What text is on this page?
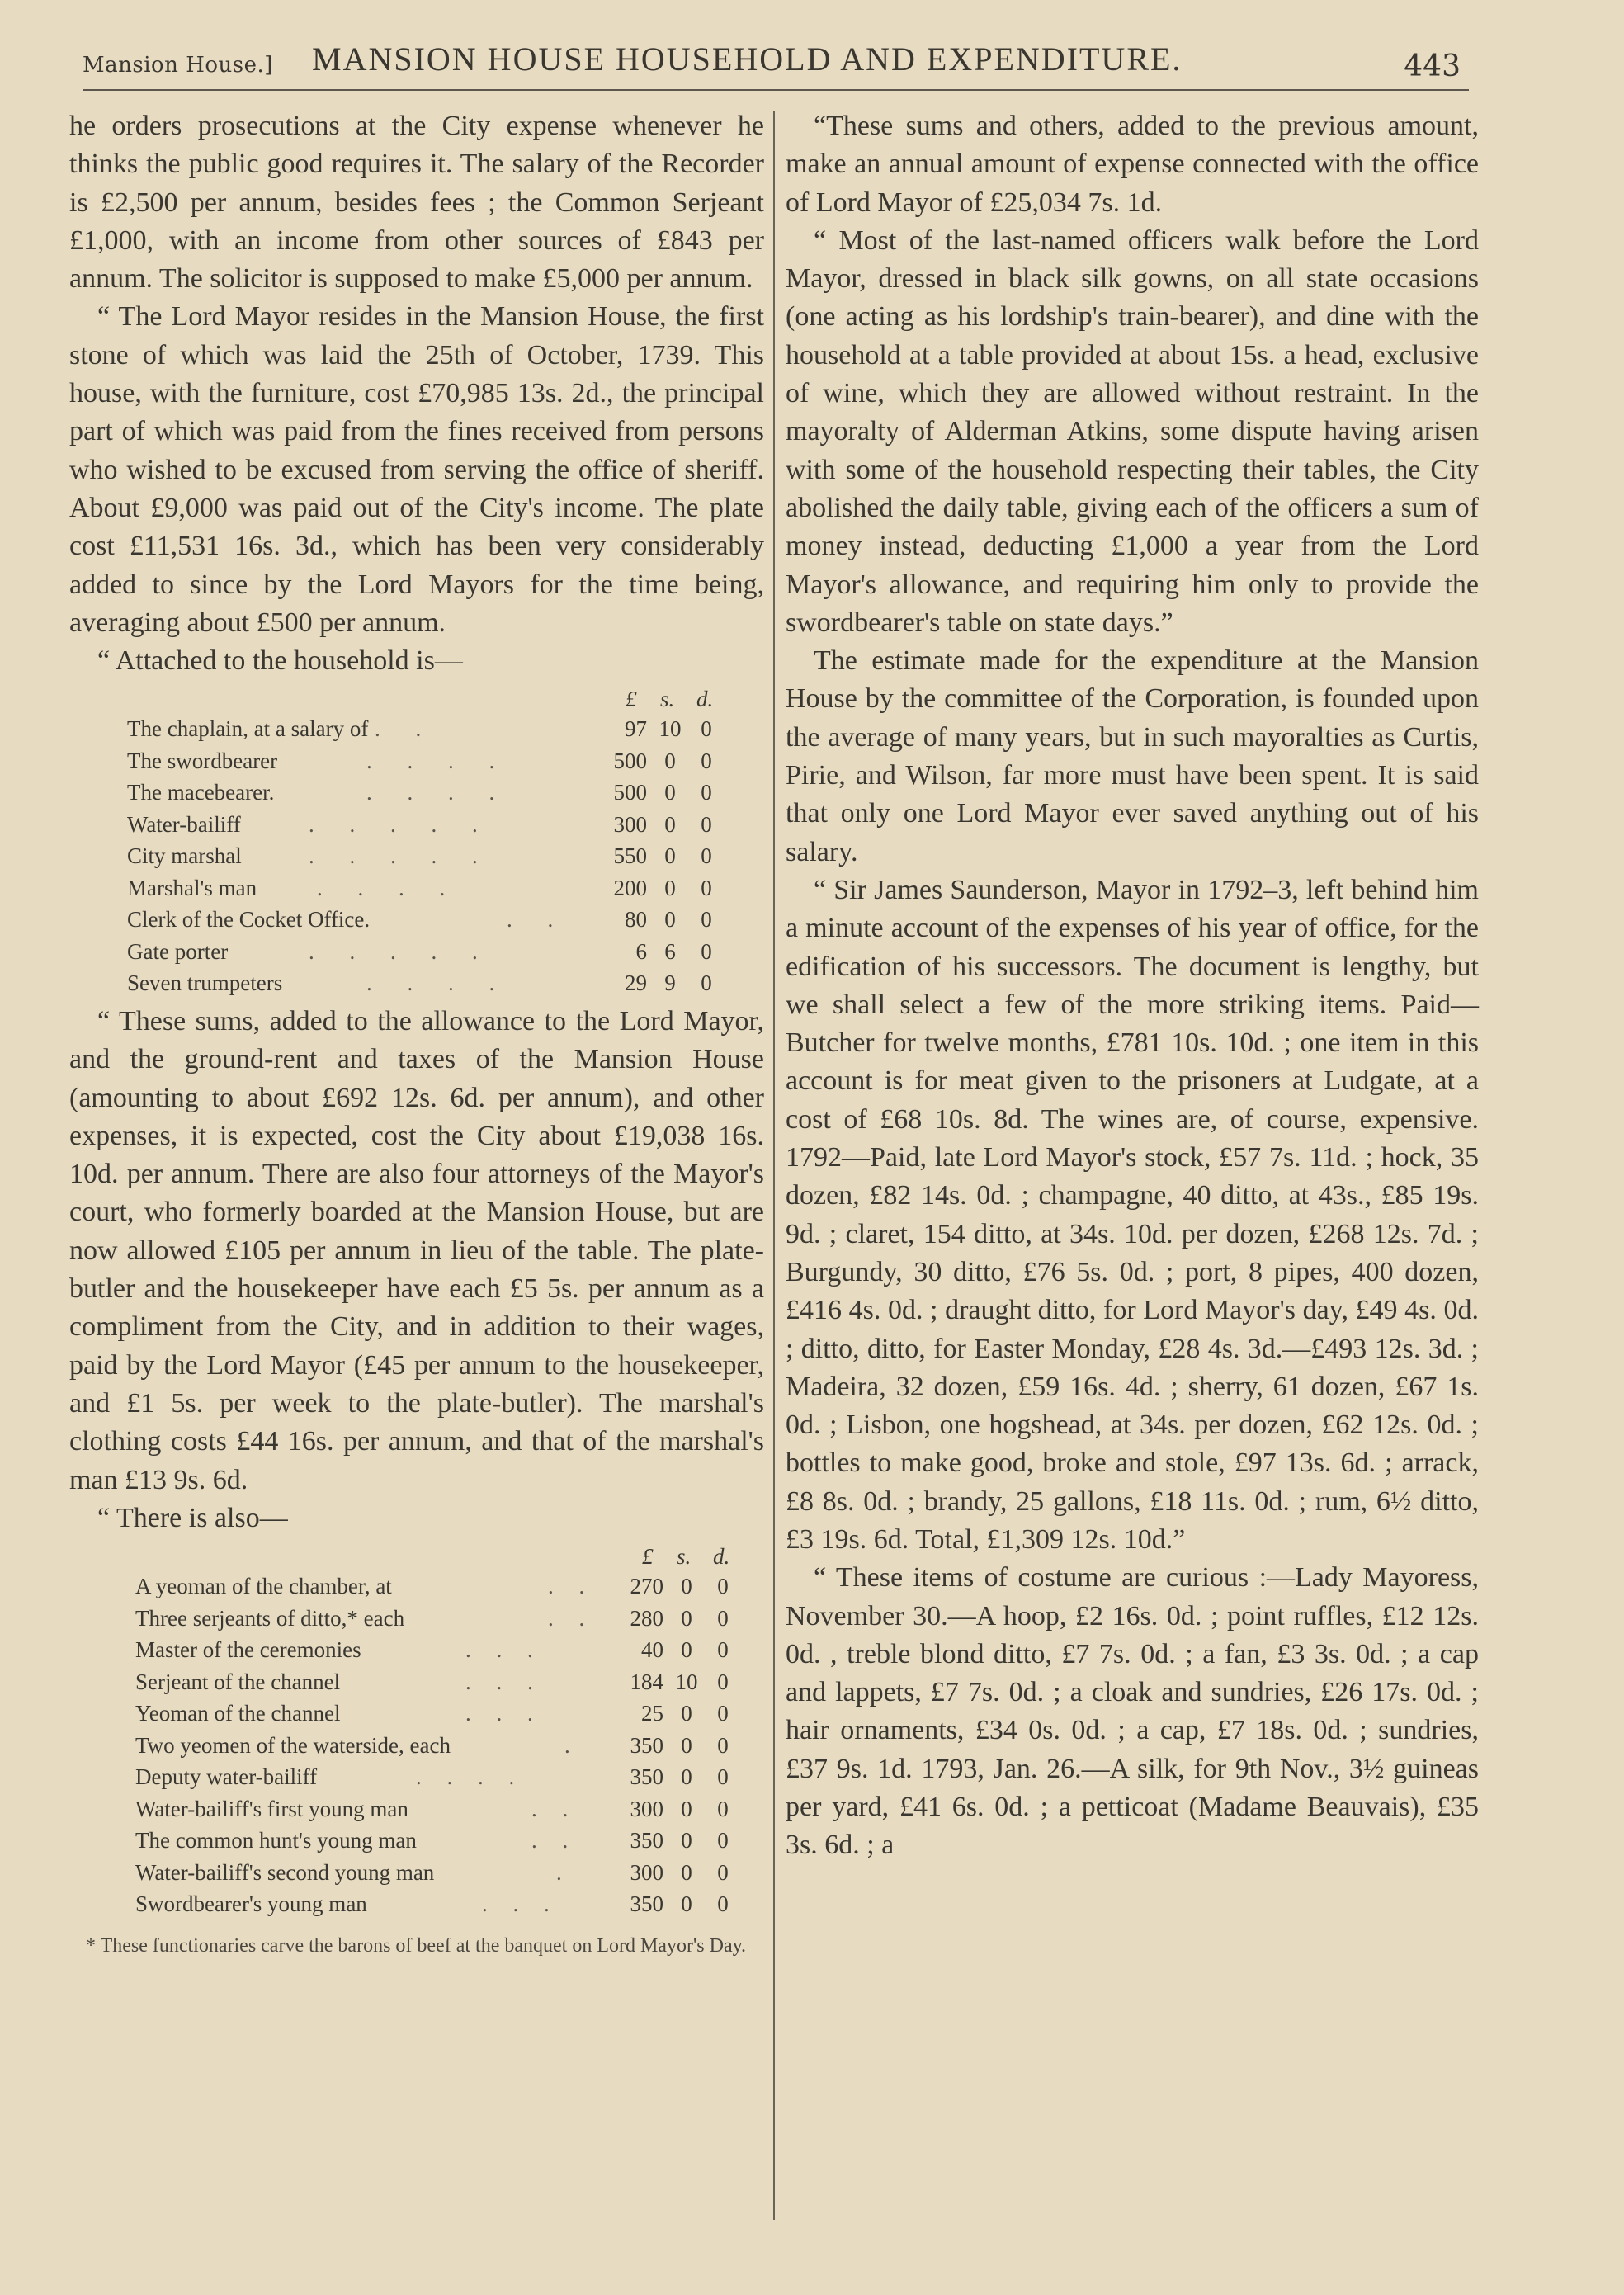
Mansion House.] MANSION HOUSE HOUSEHOLD AND EXPENDITURE.	443

he orders prosecutions at the City expense whenever he thinks the public good requires it. The salary of the Recorder is £2,500 per annum, besides fees ; the Common Serjeant £1,000, with an income from other sources of £843 per annum. The solicitor is supposed to make £5,000 per annum.

“ The Lord Mayor resides in the Mansion House, the first stone of which was laid the 25th of October, 1739. This house, with the furniture, cost £70,985 13s. 2d., the principal part of which was paid from the fines received from persons who wished to be excused from serving the office of sheriff. About £9,000 was paid out of the City's income. The plate cost £11,531 16s. 3d., which has been very considerably added to since by the Lord Mayors for the time being, averaging about £500 per annum.

“ Attached to the household is—

£ s. d.
The chaplain, at a salary of . .	97 10 0
The swordbearer	. . . .	500 0	0
The macebearer.	. . . .	500 0	0
Water-bailiff	. . . . .	300 0	0
City marshal	. . . . .	550 0	0
Marshal's man	. . . .	200 0	0
Clerk of the Cocket Office.	. .	80 0	0
Gate porter	. . . . .	6 6	0
Seven trumpeters	. . . .	29 9	0

“ These sums, added to the allowance to the Lord Mayor, and the ground-rent and taxes of the Mansion House (amounting to about £692 12s. 6d. per annum), and other expenses, it is expected, cost the City about £19,038 16s. 10d. per annum. There are also four attorneys of the Mayor's court, who formerly boarded at the Mansion House, but are now allowed £105 per annum in lieu of the table. The plate-butler and the housekeeper have each £5 5s. per annum as a compliment from the City, and in addition to their wages, paid by the Lord Mayor (£45 per annum to the housekeeper, and £1 5s. per week to the plate-butler). The marshal's clothing costs £44 16s. per annum, and that of the marshal's man £13 9s. 6d.

“ There is also—

£ s. d.
A yeoman of the chamber, at	. .	270 0	0
Three serjeants of ditto,* each	. .	280 0	0
Master of the ceremonies	. . .	40 0	0
Serjeant of the channel	. . .	184 10 0
Yeoman of the channel	. . .	25 0	0
Two yeomen of the waterside, each	.	350 0	0
Deputy water-bailiff	. . . .	350 0	0
Water-bailiff's first young man	. .	300 0	0
The common hunt's young man	. .	350 0	0
Water-bailiff's second young man	.	300 0	0
Swordbearer's young man	. . .	350 0	0

* These functionaries carve the barons of beef at the banquet on Lord Mayor's Day.

“These sums and others, added to the previous amount, make an annual amount of expense connected with the office of Lord Mayor of £25,034 7s. 1d.

“ Most of the last-named officers walk before the Lord Mayor, dressed in black silk gowns, on all state occasions (one acting as his lordship's train-bearer), and dine with the household at a table provided at about 15s. a head, exclusive of wine, which they are allowed without restraint. In the mayoralty of Alderman Atkins, some dispute having arisen with some of the household respecting their tables, the City abolished the daily table, giving each of the officers a sum of money instead, deducting £1,000 a year from the Lord Mayor's allowance, and requiring him only to provide the swordbearer's table on state days.”

The estimate made for the expenditure at the Mansion House by the committee of the Corporation, is founded upon the average of many years, but in such mayoralties as Curtis, Pirie, and Wilson, far more must have been spent. It is said that only one Lord Mayor ever saved anything out of his salary.

“ Sir James Saunderson, Mayor in 1792–3, left behind him a minute account of the expenses of his year of office, for the edification of his successors. The document is lengthy, but we shall select a few of the more striking items. Paid—Butcher for twelve months, £781 10s. 10d. ; one item in this account is for meat given to the prisoners at Ludgate, at a cost of £68 10s. 8d. The wines are, of course, expensive. 1792—Paid, late Lord Mayor's stock, £57 7s. 11d. ; hock, 35 dozen, £82 14s. 0d. ; champagne, 40 ditto, at 43s., £85 19s. 9d. ; claret, 154 ditto, at 34s. 10d. per dozen, £268 12s. 7d. ; Burgundy, 30 ditto, £76 5s. 0d. ; port, 8 pipes, 400 dozen, £416 4s. 0d. ; draught ditto, for Lord Mayor's day, £49 4s. 0d. ; ditto, ditto, for Easter Monday, £28 4s. 3d.—£493 12s. 3d. ; Madeira, 32 dozen, £59 16s. 4d. ; sherry, 61 dozen, £67 1s. 0d. ; Lisbon, one hogshead, at 34s. per dozen, £62 12s. 0d. ; bottles to make good, broke and stole, £97 13s. 6d. ; arrack, £8 8s. 0d. ; brandy, 25 gallons, £18 11s. 0d. ; rum, 6½ ditto, £3 19s. 6d. Total, £1,309 12s. 10d.”

“ These items of costume are curious :—Lady Mayoress, November 30.—A hoop, £2 16s. 0d. ; point ruffles, £12 12s. 0d. , treble blond ditto, £7 7s. 0d. ; a fan, £3 3s. 0d. ; a cap and lappets, £7 7s. 0d. ; a cloak and sundries, £26 17s. 0d. ; hair ornaments, £34 0s. 0d. ; a cap, £7 18s. 0d. ; sundries, £37 9s. 1d. 1793, Jan. 26.—A silk, for 9th Nov., 3½ guineas per yard, £41 6s. 0d. ; a petticoat (Madame Beauvais), £35 3s. 6d. ; a
